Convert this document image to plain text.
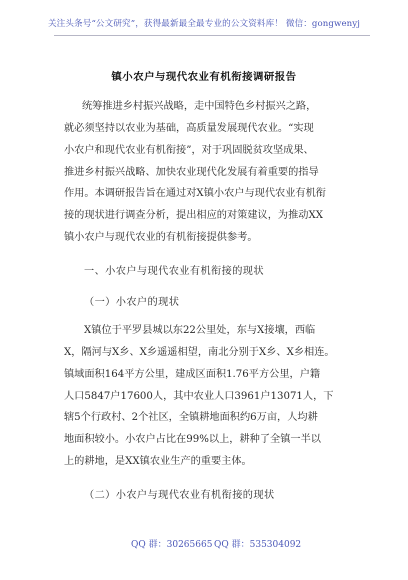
关注头条号“公文研究”，获得最新最全最专业的公文资料库！ 微信：gongwenyj
镇小农户与现代农业有机衔接调研报告
统筹推进乡村振兴战略，走中国特色乡村振兴之路，
就必须坚持以农业为基础，高质量发展现代农业。“实现
小农户和现代农业有机衔接”，对于巩固脱贫攻坚成果、
推进乡村振兴战略、加快农业现代化发展有着重要的指导
作用。本调研报告旨在通过对X镇小农户与现代农业有机衔
接的现状进行调查分析，提出相应的对策建议，为推动XX
镇小农户与现代农业的有机衔接提供参考。
一、小农户与现代农业有机衔接的现状
（一）小农户的现状
X镇位于平罗县城以东22公里处，东与X接壤，西临
X，隔河与X乡、X乡遥遥相望，南北分别于X乡、X乡相连。
镇域面积164平方公里，建成区面积1.76平方公里，户籍
人口5847户17600人，其中农业人口3961户13071人，下
辖5个行政村、2个社区，全镇耕地面积约6万亩，人均耕
地面积较小。小农户占比在99%以上，耕种了全镇一半以
上的耕地，是XX镇农业生产的重要主体。
（二）小农户与现代农业有机衔接的现状
QQ 群：30265665 QQ 群：535304092
